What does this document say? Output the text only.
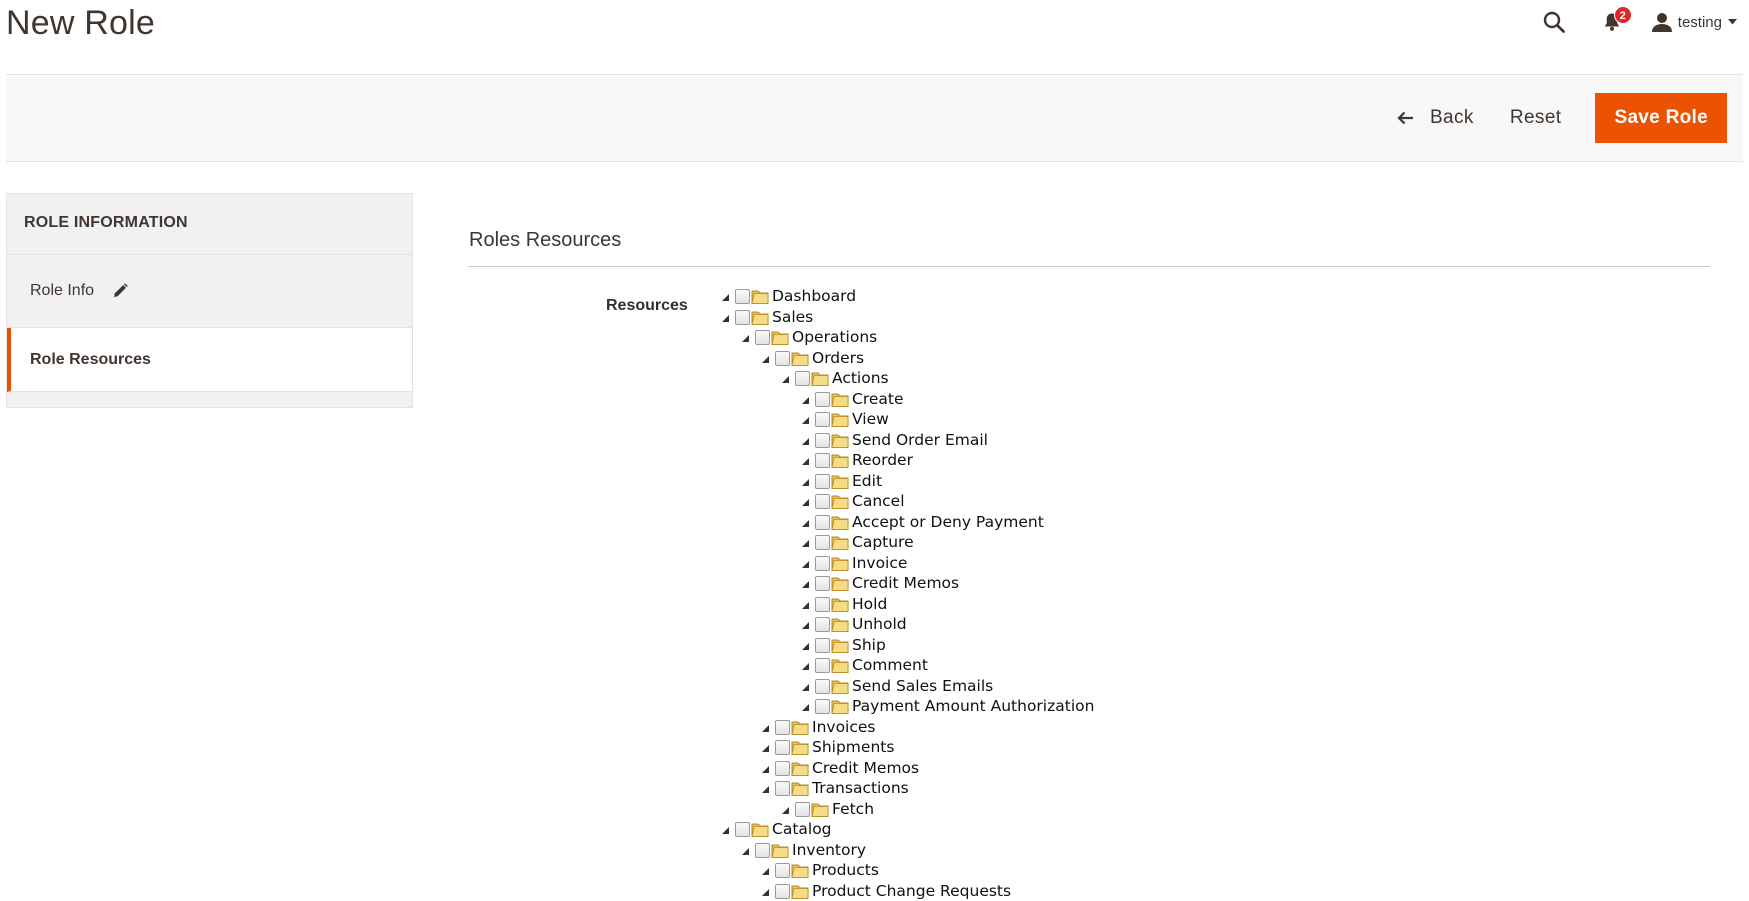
New Role	2	testing
Back Reset	Save Role
ROLE INFORMATION
Role Info
Role Resources
Roles Resources
Resources
Dashboard
Sales
Operations
Orders
Actions
Create
View
Send Order Email
Reorder
Edit
Cancel
Accept or Deny Payment
Capture
Invoice
Credit Memos
Hold
Unhold
Ship
Comment
Send Sales Emails
Payment Amount Authorization
Invoices
Shipments
Credit Memos
Transactions
Fetch
Catalog
Inventory
Products
Product Change Requests
